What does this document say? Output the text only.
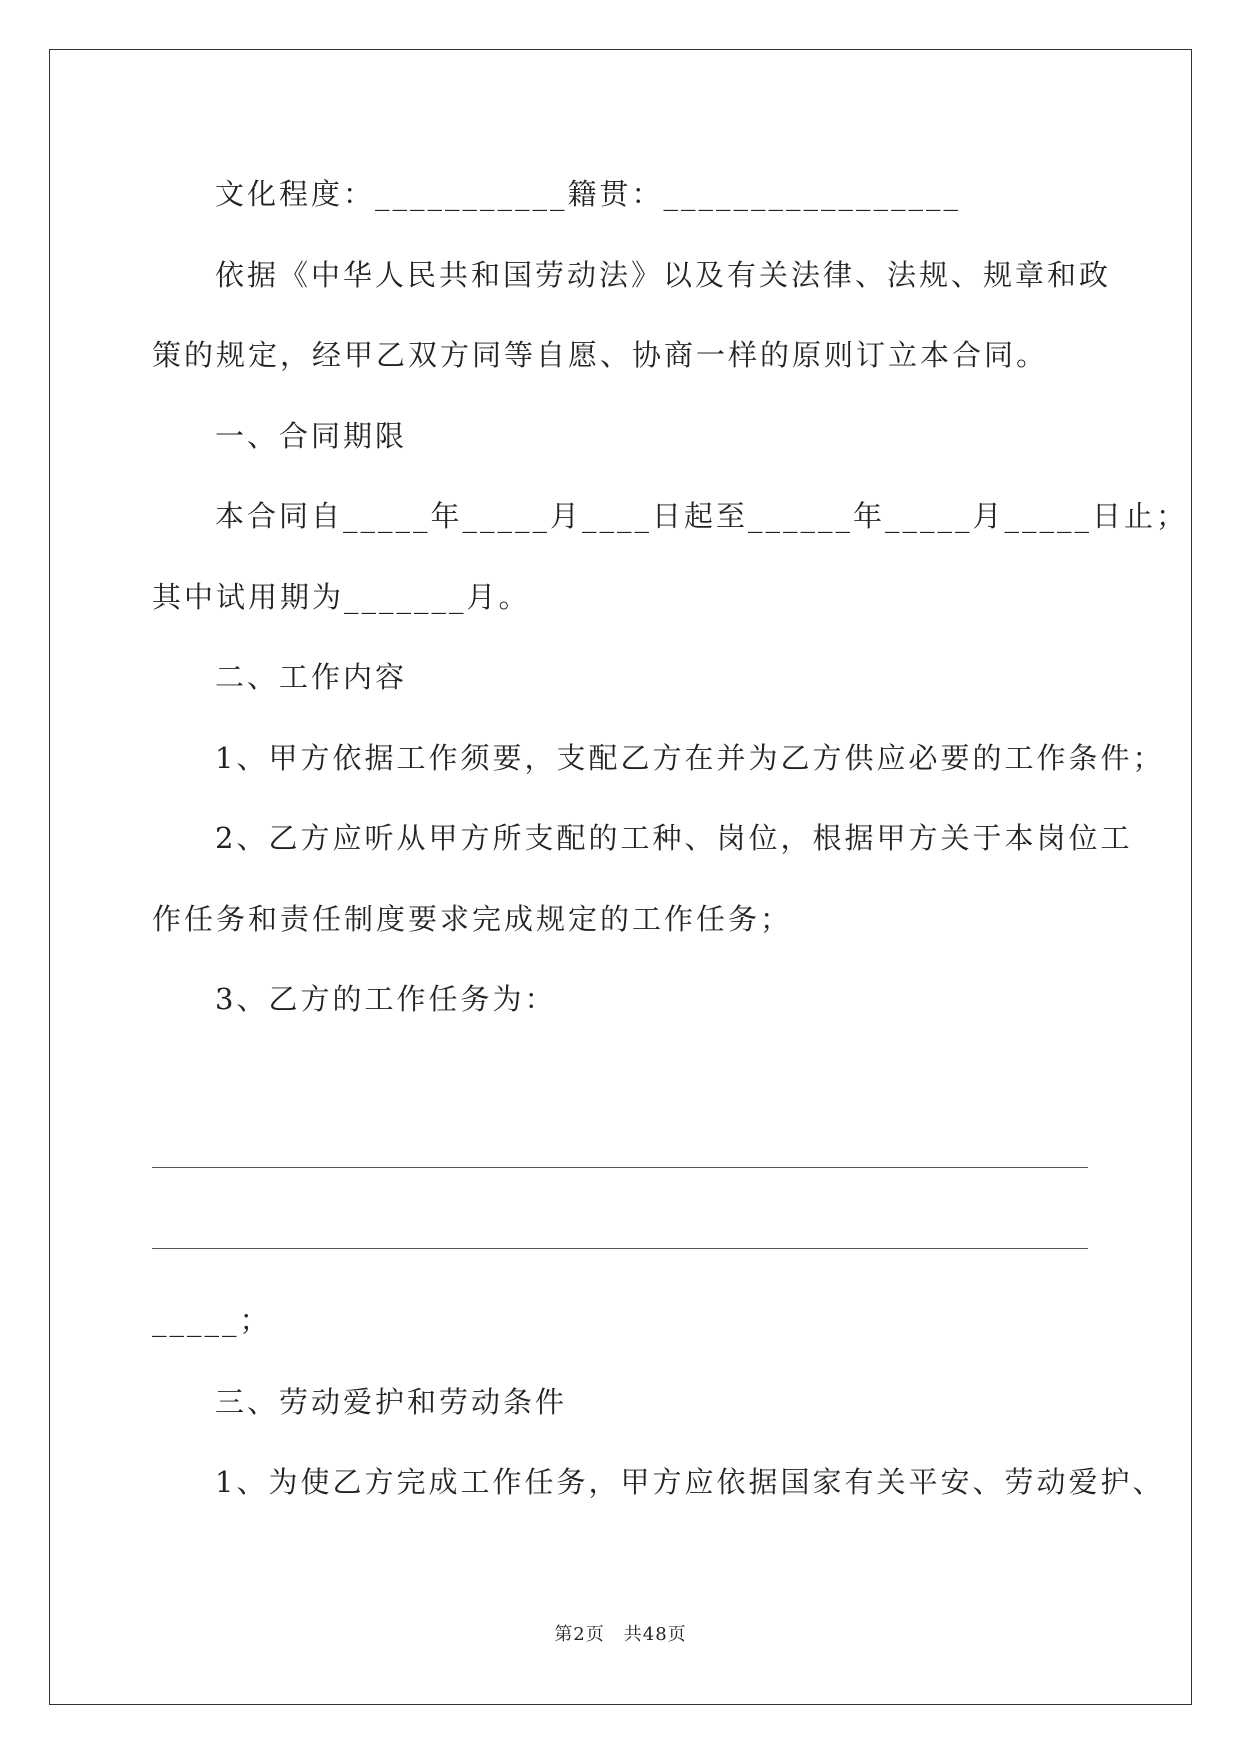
文化程度：___________籍贯：_________________
依据《中华人民共和国劳动法》以及有关法律、法规、规章和政
策的规定，经甲乙双方同等自愿、协商一样的原则订立本合同。
一、合同期限
本合同自_____年_____月____日起至______年_____月_____日止；
其中试用期为_______月。
二、工作内容
1、甲方依据工作须要，支配乙方在并为乙方供应必要的工作条件；
2、乙方应听从甲方所支配的工种、岗位，根据甲方关于本岗位工
作任务和责任制度要求完成规定的工作任务；
3、乙方的工作任务为：
_____；
三、劳动爱护和劳动条件
1、为使乙方完成工作任务，甲方应依据国家有关平安、劳动爱护、
第2页　共48页
